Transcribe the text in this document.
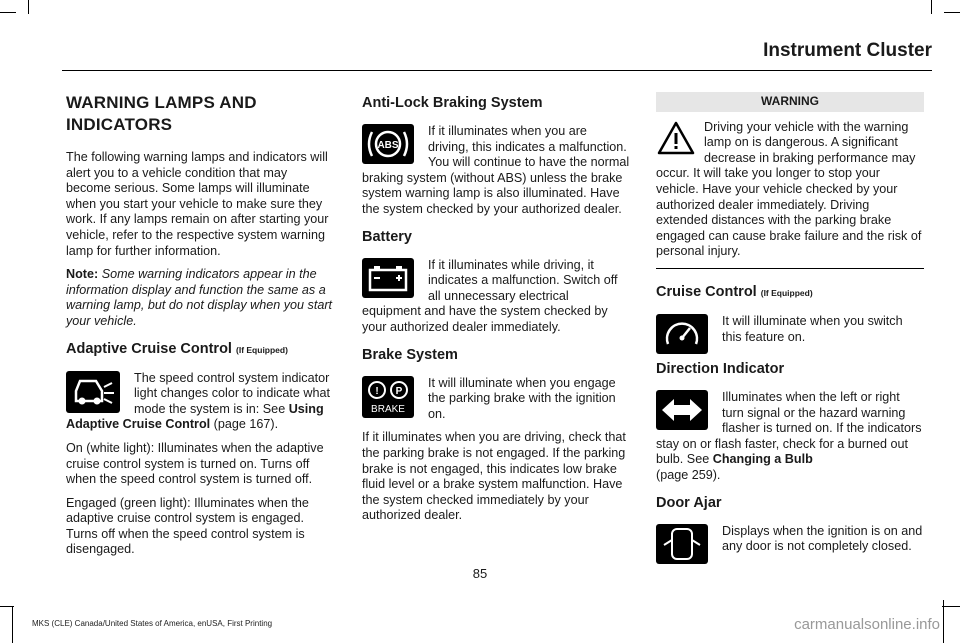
Instrument Cluster
WARNING LAMPS AND INDICATORS

The following warning lamps and indicators will alert you to a vehicle condition that may become serious. Some lamps will illuminate when you start your vehicle to make sure they work. If any lamps remain on after starting your vehicle, refer to the respective system warning lamp for further information.

Note: Some warning indicators appear in the information display and function the same as a warning lamp, but do not display when you start your vehicle.

Adaptive Cruise Control (If Equipped)

The speed control system indicator light changes color to indicate what mode the system is in: See Using Adaptive Cruise Control (page 167).

On (white light): Illuminates when the adaptive cruise control system is turned on. Turns off when the speed control system is turned off.

Engaged (green light): Illuminates when the adaptive cruise control system is engaged. Turns off when the speed control system is disengaged.

Anti-Lock Braking System
ABS

If it illuminates when you are driving, this indicates a malfunction. You will continue to have the normal braking system (without ABS) unless the brake system warning lamp is also illuminated. Have the system checked by your authorized dealer.

Battery

If it illuminates while driving, it indicates a malfunction. Switch off all unnecessary electrical equipment and have the system checked by your authorized dealer immediately.

Brake System
! P
BRAKE

It will illuminate when you engage the parking brake with the ignition on.

If it illuminates when you are driving, check that the parking brake is not engaged. If the parking brake is not engaged, this indicates low brake fluid level or a brake system malfunction. Have the system checked immediately by your authorized dealer.

WARNING
Driving your vehicle with the warning lamp on is dangerous. A significant decrease in braking performance may occur. It will take you longer to stop your vehicle. Have your vehicle checked by your authorized dealer immediately. Driving extended distances with the parking brake engaged can cause brake failure and the risk of personal injury.
Cruise Control (If Equipped)

It will illuminate when you switch this feature on.

Direction Indicator

Illuminates when the left or right turn signal or the hazard warning flasher is turned on. If the indicators stay on or flash faster, check for a burned out bulb. See Changing a Bulb
(page 259).

Door Ajar

Displays when the ignition is on and any door is not completely closed.

85
MKS (CLE) Canada/United States of America, enUSA, First Printing	carmanualsonline.info
